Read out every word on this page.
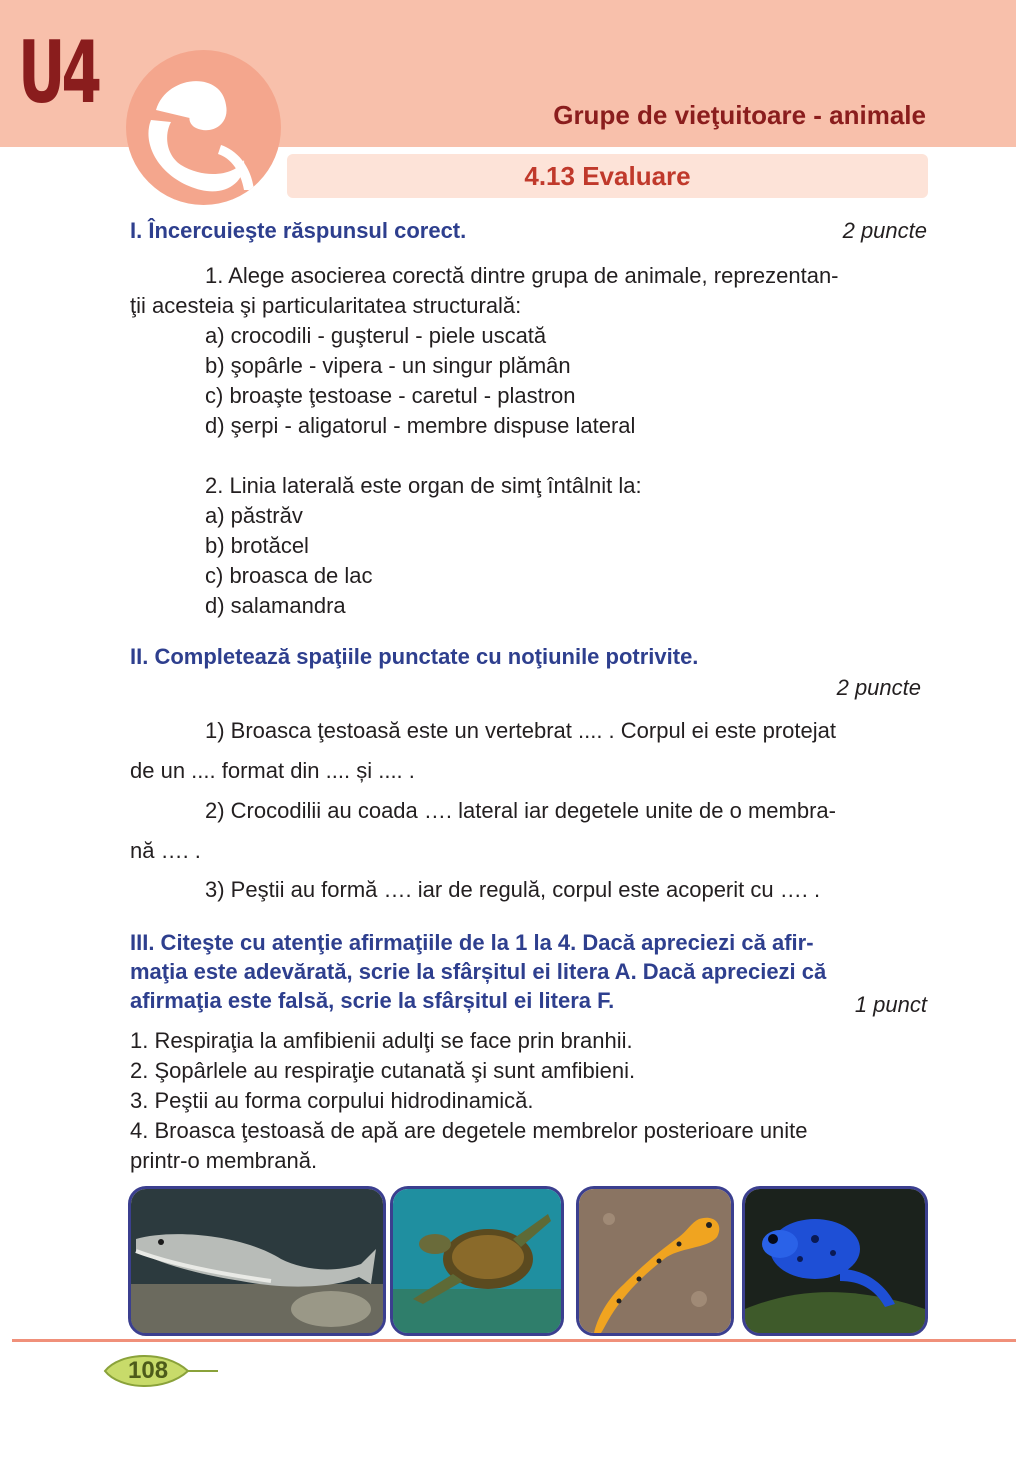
U4	Grupe de vieţuitoare - animale
4.13 Evaluare
I. Încercuieşte răspunsul corect.	2 puncte
1. Alege asocierea corectă dintre grupa de animale, reprezentan-
ţii acesteia şi particularitatea structurală:
a) crocodili - guşterul - piele uscată
b) şopârle - vipera - un singur plămân
c) broaşte ţestoase - caretul - plastron
d) şerpi - aligatorul - membre dispuse lateral
2. Linia laterală este organ de simţ întâlnit la:
a) păstrăv
b) brotăcel
c) broasca de lac
d) salamandra
II. Completează spaţiile punctate cu noţiunile potrivite.
2 puncte
1) Broasca ţestoasă este un vertebrat .... . Corpul ei este protejat
de un .... format din .... și .... .
2) Crocodilii au coada …. lateral iar degetele unite de o membra-
nă …. .
3) Peştii au formă …. iar de regulă, corpul este acoperit cu …. .
III. Citeşte cu atenţie afirmaţiile de la 1 la 4. Dacă apreciezi că afir-
maţia este adevărată, scrie la sfârșitul ei litera A. Dacă apreciezi că
afirmaţia este falsă, scrie la sfârșitul ei litera F.	1 punct
1. Respiraţia la amfibienii adulţi se face prin branhii.
2. Şopârlele au respiraţie cutanată şi sunt amfibieni.
3. Peştii au forma corpului hidrodinamică.
4. Broasca ţestoasă de apă are degetele membrelor posterioare unite
printr-o membrană.
108
